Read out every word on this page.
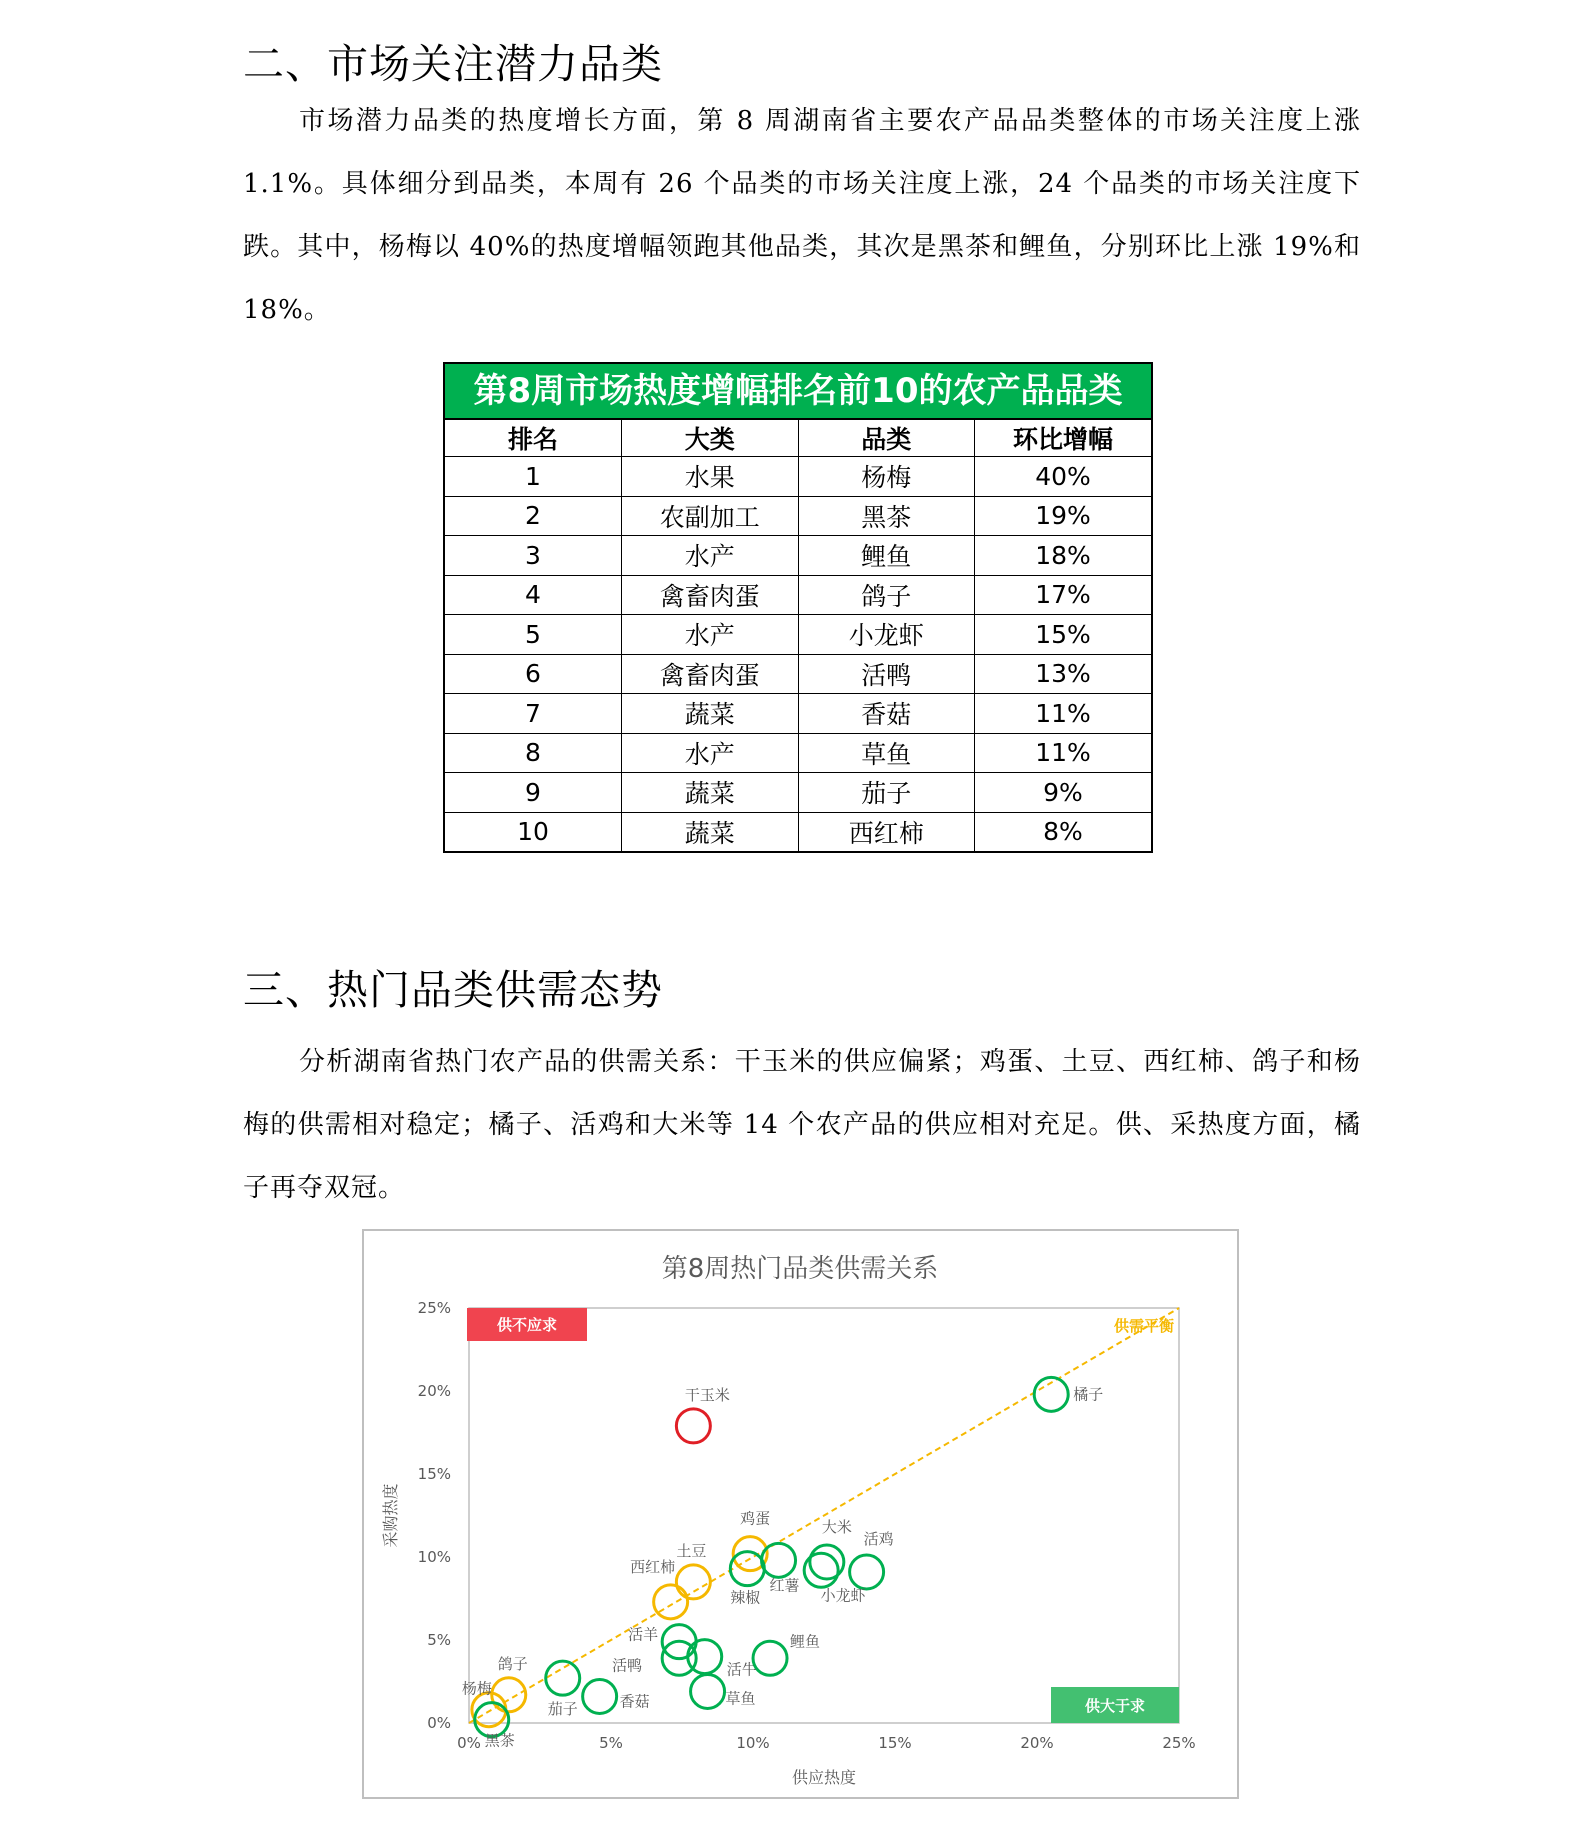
二、市场关注潜力品类
市场潜力品类的热度增长方面，第 8 周湖南省主要农产品品类整体的市场关注度上涨 1.1%。具体细分到品类，本周有 26 个品类的市场关注度上涨，24 个品类的市场关注度下跌。其中，杨梅以 40%的热度增幅领跑其他品类，其次是黑茶和鲤鱼，分别环比上涨 19%和 18%。
第8周市场热度增幅排名前10的农产品品类
排名	大类	品类	环比增幅
1	水果	杨梅	40%
2	农副加工	黑茶	19%
3	水产	鲤鱼	18%
4	禽畜肉蛋	鸽子	17%
5	水产	小龙虾	15%
6	禽畜肉蛋	活鸭	13%
7	蔬菜	香菇	11%
8	水产	草鱼	11%
9	蔬菜	茄子	9%
10	蔬菜	西红柿	8%
三、热门品类供需态势
分析湖南省热门农产品的供需关系：干玉米的供应偏紧；鸡蛋、土豆、西红柿、鸽子和杨梅的供需相对稳定；橘子、活鸡和大米等 14 个农产品的供应相对充足。供、采热度方面，橘子再夺双冠。
第8周热门品类供需关系
0%	5%	10%	15%	20%	25%
0%
5%
10%
15%
20%
25%
供应热度
采购热度
供需平衡
供不应求
供大于求
干玉米	橘子
鸡蛋
土豆
西红柿
鸽子
杨梅
大米
活鸡
红薯
小龙虾
辣椒
活羊
活鸭	活牛
鲤鱼
草鱼
茄子	香菇
黑茶
